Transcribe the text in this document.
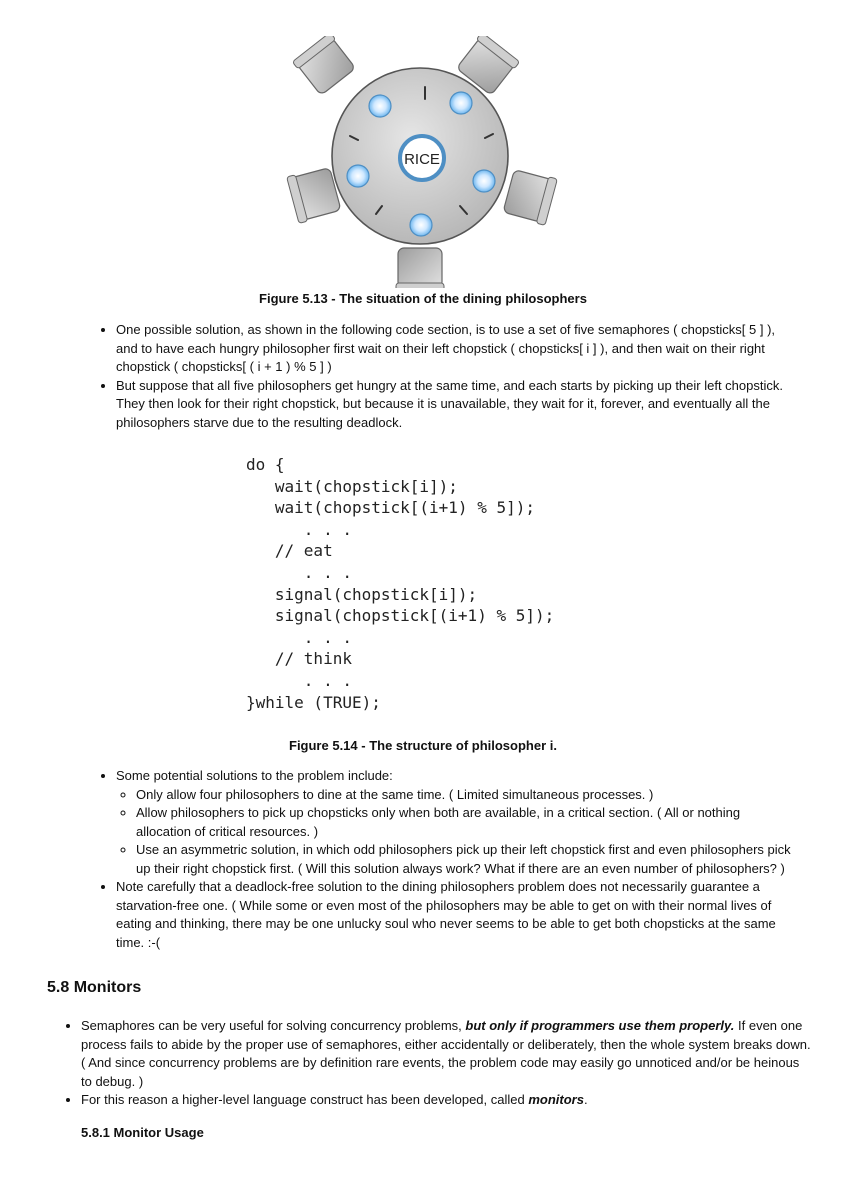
RICE
Figure 5.13 - The situation of the dining philosophers
• One possible solution, as shown in the following code section, is to use a set of five semaphores ( chopsticks[ 5 ] ), and to have each hungry philosopher first wait on their left chopstick ( chopsticks[ i ] ), and then wait on their right chopstick ( chopsticks[ ( i + 1 ) % 5 ] )
• But suppose that all five philosophers get hungry at the same time, and each starts by picking up their left chopstick. They then look for their right chopstick, but because it is unavailable, they wait for it, forever, and eventually all the philosophers starve due to the resulting deadlock.
do {
wait(chopstick[i]);
wait(chopstick[(i+1) % 5]);
. . .
// eat
. . .
signal(chopstick[i]);
signal(chopstick[(i+1) % 5]);
. . .
// think
. . .
}while (TRUE);
Figure 5.14 - The structure of philosopher i.
• Some potential solutions to the problem include:
◦ Only allow four philosophers to dine at the same time. ( Limited simultaneous processes. )
◦ Allow philosophers to pick up chopsticks only when both are available, in a critical section. ( All or nothing allocation of critical resources. )
◦ Use an asymmetric solution, in which odd philosophers pick up their left chopstick first and even philosophers pick up their right chopstick first. ( Will this solution always work? What if there are an even number of philosophers? )
• Note carefully that a deadlock-free solution to the dining philosophers problem does not necessarily guarantee a starvation-free one. ( While some or even most of the philosophers may be able to get on with their normal lives of eating and thinking, there may be one unlucky soul who never seems to be able to get both chopsticks at the same time. :-(
5.8 Monitors
• Semaphores can be very useful for solving concurrency problems, but only if programmers use them properly. If even one process fails to abide by the proper use of semaphores, either accidentally or deliberately, then the whole system breaks down. ( And since concurrency problems are by definition rare events, the problem code may easily go unnoticed and/or be heinous to debug. )
• For this reason a higher-level language construct has been developed, called monitors.
5.8.1 Monitor Usage
